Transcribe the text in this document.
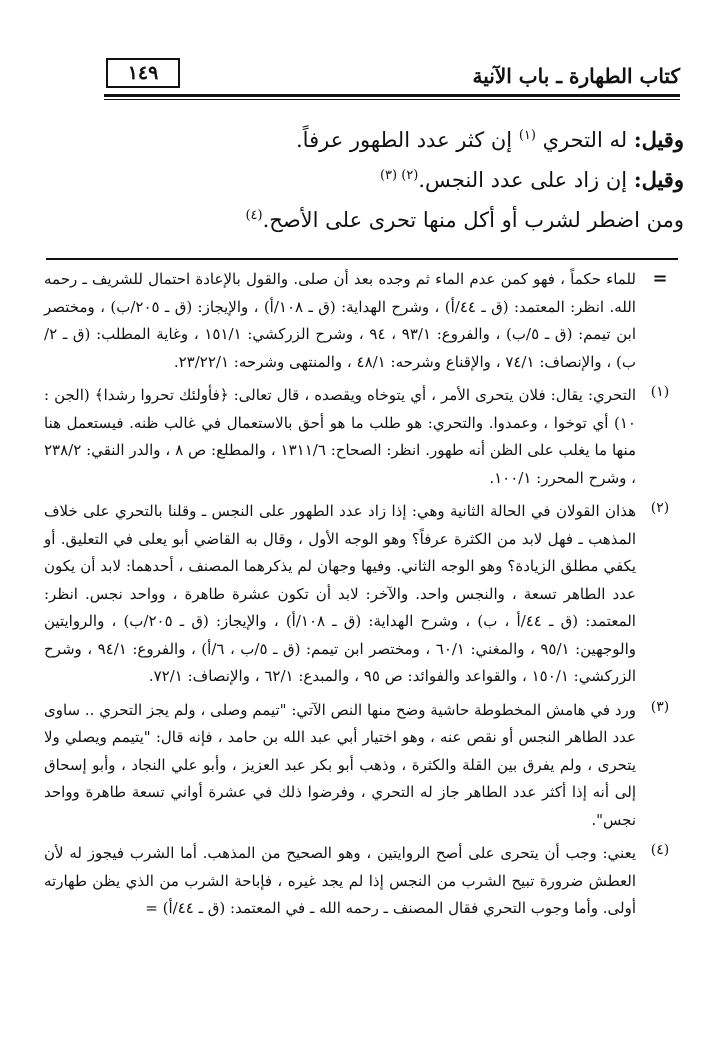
١٤٩	كتاب الطهارة ـ باب الآنية
وقيل: له التحري $^{(١)}$ إن كثر عدد الطهور عرفاً.
وقيل: إن زاد على عدد النجس.$^{(٢) (٣)}$
ومن اضطر لشرب أو أكل منها تحرى على الأصح.$^{(٤)}$
=
للماء حكماً ، فهو كمن عدم الماء ثم وجده بعد أن صلى. والقول بالإعادة احتمال للشريف ـ رحمه الله. انظر: المعتمد: (ق ـ ٤٤/أ) ، وشرح الهداية: (ق ـ ١٠٨/أ) ، والإيجاز: (ق ـ ٢٠٥/ب) ، ومختصر ابن تيمم: (ق ـ ٥/ب) ، والفروع: ٩٣/١ ، ٩٤ ، وشرح الزركشي: ١٥١/١ ، وغاية المطلب: (ق ـ ٢/ب) ، والإنصاف: ٧٤/١ ، والإقناع وشرحه: ٤٨/١ ، والمنتهى وشرحه: ٢٣/٢٢/١.
(١)
التحري: يقال: فلان يتحرى الأمر ، أي يتوخاه ويقصده ، قال تعالى: ﴿فأولئك تحروا رشدا﴾ (الجن : ١٠) أي توخوا ، وعمدوا. والتحري: هو طلب ما هو أحق بالاستعمال في غالب ظنه. فيستعمل هنا منها ما يغلب على الظن أنه طهور. انظر: الصحاح: ١٣١١/٦ ، والمطلع: ص ٨ ، والدر النقي: ٢٣٨/٢ ، وشرح المحرر: ١٠٠/١.
(٢)
هذان القولان في الحالة الثانية وهي: إذا زاد عدد الطهور على النجس ـ وقلنا بالتحري على خلاف المذهب ـ فهل لابد من الكثرة عرفاً؟ وهو الوجه الأول ، وقال به القاضي أبو يعلى في التعليق. أو يكفي مطلق الزيادة؟ وهو الوجه الثاني. وفيها وجهان لم يذكرهما المصنف ، أحدهما: لابد أن يكون عدد الطاهر تسعة ، والنجس واحد. والآخر: لابد أن تكون عشرة طاهرة ، وواحد نجس. انظر: المعتمد: (ق ـ ٤٤/أ ، ب) ، وشرح الهداية: (ق ـ ١٠٨/أ) ، والإيجاز: (ق ـ ٢٠٥/ب) ، والروايتين والوجهين: ٩٥/١ ، والمغني: ٦٠/١ ، ومختصر ابن تيمم: (ق ـ ٥/ب ، ٦/أ) ، والفروع: ٩٤/١ ، وشرح الزركشي: ١٥٠/١ ، والقواعد والفوائد: ص ٩٥ ، والمبدع: ٦٢/١ ، والإنصاف: ٧٢/١.
(٣)
ورد في هامش المخطوطة حاشية وضح منها النص الآتي: "تيمم وصلى ، ولم يجز التحري .. ساوى عدد الطاهر النجس أو نقص عنه ، وهو اختيار أبي عبد الله بن حامد ، فإنه قال: "يتيمم ويصلي ولا يتحرى ، ولم يفرق بين القلة والكثرة ، وذهب أبو بكر عبد العزيز ، وأبو علي النجاد ، وأبو إسحاق إلى أنه إذا أكثر عدد الطاهر جاز له التحري ، وفرضوا ذلك في عشرة أواني تسعة طاهرة وواحد نجس".
(٤)
يعني: وجب أن يتحرى على أصح الروايتين ، وهو الصحيح من المذهب. أما الشرب فيجوز له لأن العطش ضرورة تبيح الشرب من النجس إذا لم يجد غيره ، فإباحة الشرب من الذي يظن طهارته أولى. وأما وجوب التحري فقال المصنف ـ رحمه الله ـ في المعتمد: (ق ـ ٤٤/أ) =
